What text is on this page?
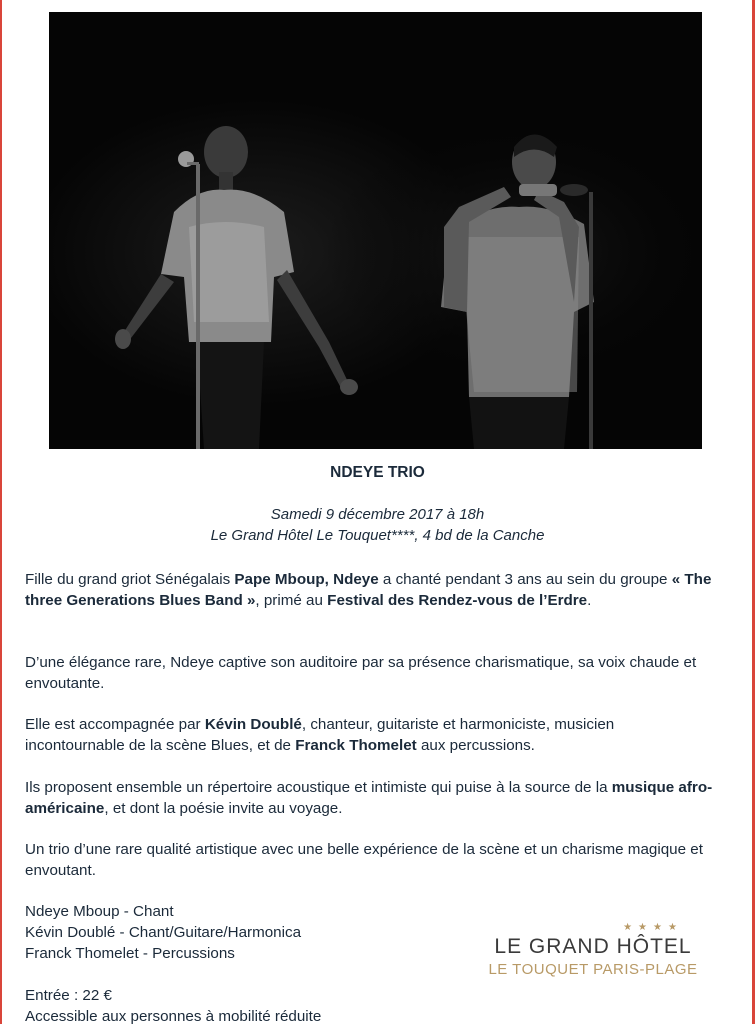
NDEYE TRIO
Samedi 9 décembre 2017 à 18h
Le Grand Hôtel Le Touquet****, 4 bd de la Canche
Fille du grand griot Sénégalais Pape Mboup, Ndeye a chanté pendant 3 ans au sein du groupe « The three Generations Blues Band », primé au Festival des Rendez-vous de l’Erdre.
D’une élégance rare, Ndeye captive son auditoire par sa présence charismatique, sa voix chaude et envoutante.
Elle est accompagnée par Kévin Doublé, chanteur, guitariste et harmoniciste, musicien incontournable de la scène Blues, et de Franck Thomelet aux percussions.
Ils proposent ensemble un répertoire acoustique et intimiste qui puise à la source de la musique afro-américaine, et dont la poésie invite au voyage.
Un trio d’une rare qualité artistique avec une belle expérience de la scène et un charisme magique et envoutant.
Ndeye Mboup - Chant
Kévin Doublé - Chant/Guitare/Harmonica
Franck Thomelet - Percussions
Entrée : 22 €
Accessible aux personnes à mobilité réduite
★★★★
LE GRAND HÔTEL
LE TOUQUET PARIS-PLAGE
